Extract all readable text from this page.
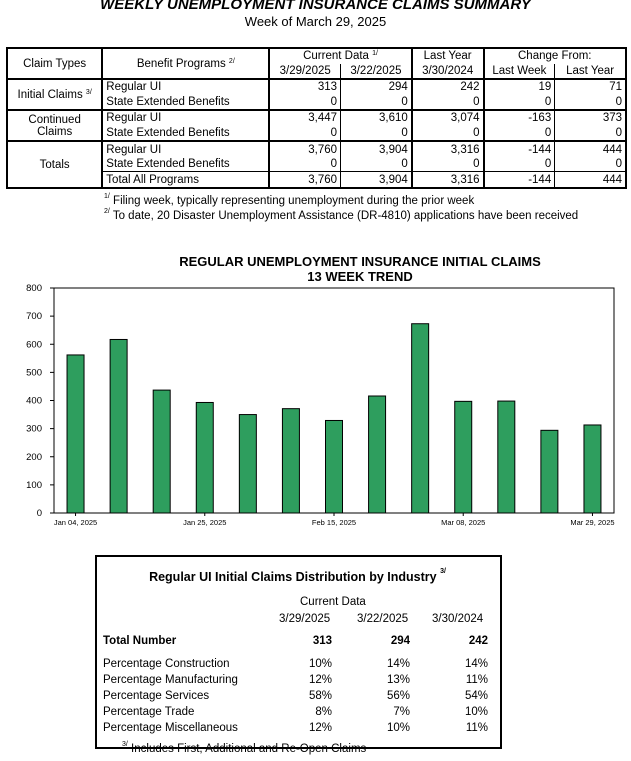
WEEKLY UNEMPLOYMENT INSURANCE CLAIMS SUMMARY
Week of March 29, 2025
Claim Types	Benefit Programs $^{2/}$	Current Data $^{1/}$		Last Year	Change From:	
		3/29/2025	3/22/2025	3/30/2024	Last Week	Last Year
Initial Claims $^{3/}$	Regular UI	313	294	242	19	71
	State Extended Benefits	0	0	0	0	0
Continued
Claims	Regular UI	3,447	3,610	3,074	-163	373
	State Extended Benefits	0	0	0	0	0
Totals	Regular UI	3,760	3,904	3,316	-144	444
	State Extended Benefits	0	0	0	0	0
	Total All Programs	3,760	3,904	3,316	-144	444
$^{1/}$ Filing week, typically representing unemployment during the prior week
$^{2/}$ To date, 20 Disaster Unemployment Assistance (DR-4810) applications have been received
REGULAR UNEMPLOYMENT INSURANCE INITIAL CLAIMS
13 WEEK TREND
0
100
200
300
400
500
600
700
800
Jan 04, 2025	Jan 25, 2025	Feb 15, 2025	Mar 08, 2025	Mar 29, 2025
Regular UI Initial Claims Distribution by Industry $^{3/}$
Current Data
3/29/2025 3/22/2025 3/30/2024
Total Number	313	294	242
Percentage Construction	10%	14%	14%
Percentage Manufacturing	12%	13%	11%
Percentage Services	58%	56%	54%
Percentage Trade	8%	7%	10%
Percentage Miscellaneous	12%	10%	11%
$^{3/}$ Includes First, Additional and Re-Open Claims
